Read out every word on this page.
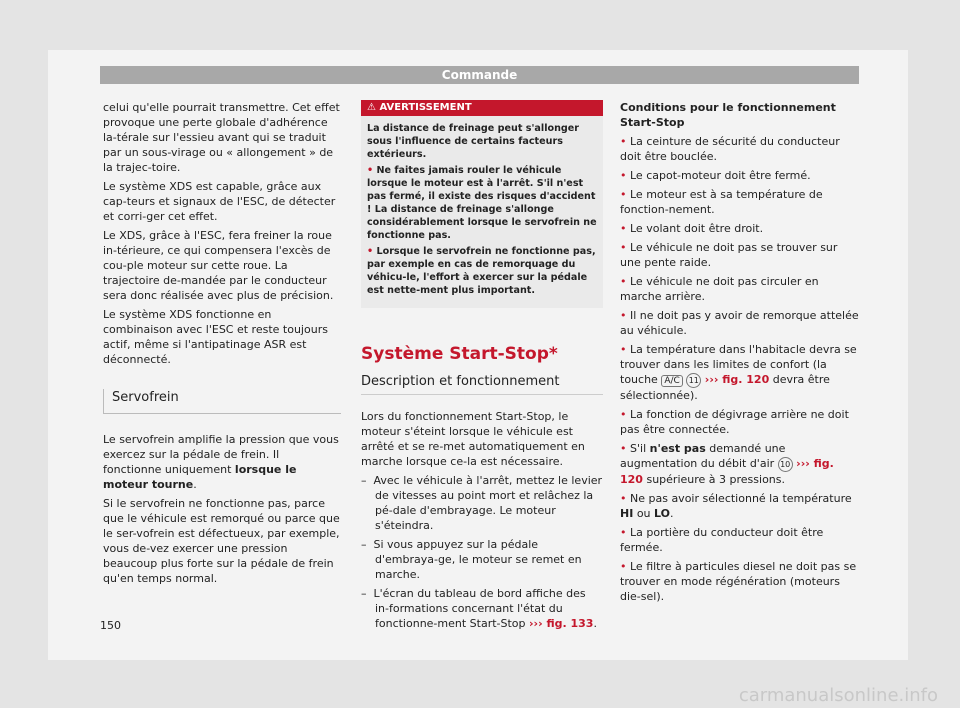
Commande

celui qu'elle pourrait transmettre. Cet effet provoque une perte globale d'adhérence la-térale sur l'essieu avant qui se traduit par un sous-virage ou « allongement » de la trajec-toire.

Le système XDS est capable, grâce aux cap-teurs et signaux de l'ESC, de détecter et corri-ger cet effet.

Le XDS, grâce à l'ESC, fera freiner la roue in-térieure, ce qui compensera l'excès de cou-ple moteur sur cette roue. La trajectoire de-mandée par le conducteur sera donc réalisée avec plus de précision.

Le système XDS fonctionne en combinaison avec l'ESC et reste toujours actif, même si l'antipatinage ASR est déconnecté.

Servofrein

Le servofrein amplifie la pression que vous exercez sur la pédale de frein. Il fonctionne uniquement lorsque le moteur tourne.

Si le servofrein ne fonctionne pas, parce que le véhicule est remorqué ou parce que le ser-vofrein est défectueux, par exemple, vous de-vez exercer une pression beaucoup plus forte sur la pédale de frein qu'en temps normal.

⚠ AVERTISSEMENT

La distance de freinage peut s'allonger sous l'influence de certains facteurs extérieurs.

• Ne faites jamais rouler le véhicule lorsque le moteur est à l'arrêt. S'il n'est pas fermé, il existe des risques d'accident ! La distance de freinage s'allonge considérablement lorsque le servofrein ne fonctionne pas.

• Lorsque le servofrein ne fonctionne pas, par exemple en cas de remorquage du véhicu-le, l'effort à exercer sur la pédale est nette-ment plus important.

Système Start-Stop*
Description et fonctionnement

Lors du fonctionnement Start-Stop, le moteur s'éteint lorsque le véhicule est arrêté et se re-met automatiquement en marche lorsque ce-la est nécessaire.

–  Avec le véhicule à l'arrêt, mettez le levier de vitesses au point mort et relâchez la pé-dale d'embrayage. Le moteur s'éteindra.

–  Si vous appuyez sur la pédale d'embraya-ge, le moteur se remet en marche.

–  L'écran du tableau de bord affiche des in-formations concernant l'état du fonctionne-ment Start-Stop ››› fig. 133.

Conditions pour le fonctionnement Start-Stop

• La ceinture de sécurité du conducteur doit être bouclée.

• Le capot-moteur doit être fermé.

• Le moteur est à sa température de fonction-nement.

• Le volant doit être droit.

• Le véhicule ne doit pas se trouver sur une pente raide.

• Le véhicule ne doit pas circuler en marche arrière.

• Il ne doit pas y avoir de remorque attelée au véhicule.

• La température dans l'habitacle devra se trouver dans les limites de confort (la touche A/C 11 ››› fig. 120 devra être sélectionnée).

• La fonction de dégivrage arrière ne doit pas être connectée.

• S'il n'est pas demandé une augmentation du débit d'air 10 ››› fig. 120 supérieure à 3 pressions.

• Ne pas avoir sélectionné la température HI ou LO.

• La portière du conducteur doit être fermée.

• Le filtre à particules diesel ne doit pas se trouver en mode régénération (moteurs die-sel).

150
carmanualsonline.info
